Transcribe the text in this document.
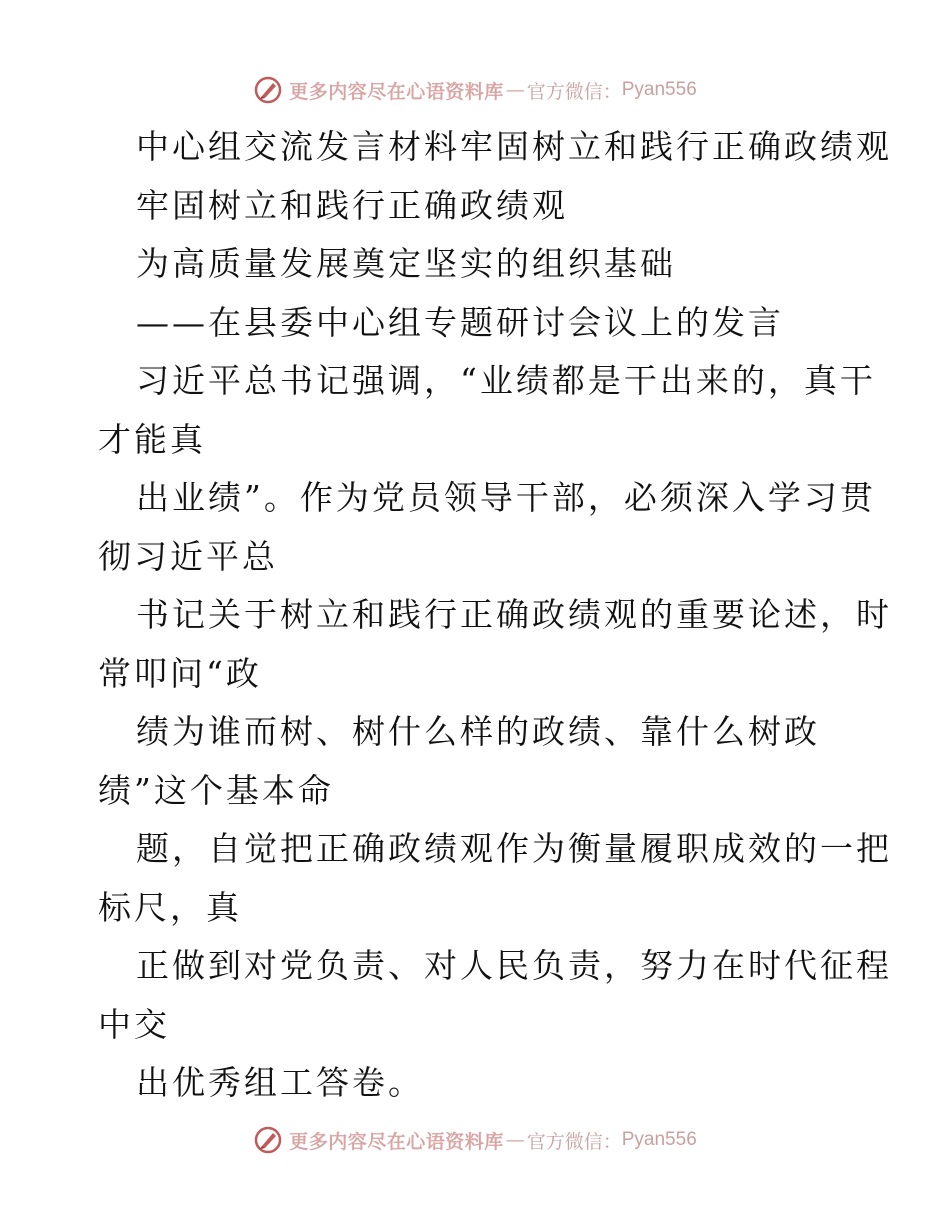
更多内容尽在心语资料库 — 官方微信： Pyan556

中心组交流发言材料牢固树立和践行正确政绩观

牢固树立和践行正确政绩观

为高质量发展奠定坚实的组织基础

——在县委中心组专题研讨会议上的发言

习近平总书记强调，“业绩都是干出来的，真干

才能真

出业绩”。作为党员领导干部，必须深入学习贯

彻习近平总

书记关于树立和践行正确政绩观的重要论述，时

常叩问“政

绩为谁而树、树什么样的政绩、靠什么树政

绩”这个基本命

题，自觉把正确政绩观作为衡量履职成效的一把

标尺，真

正做到对党负责、对人民负责，努力在时代征程

中交

出优秀组工答卷。

更多内容尽在心语资料库 — 官方微信： Pyan556
